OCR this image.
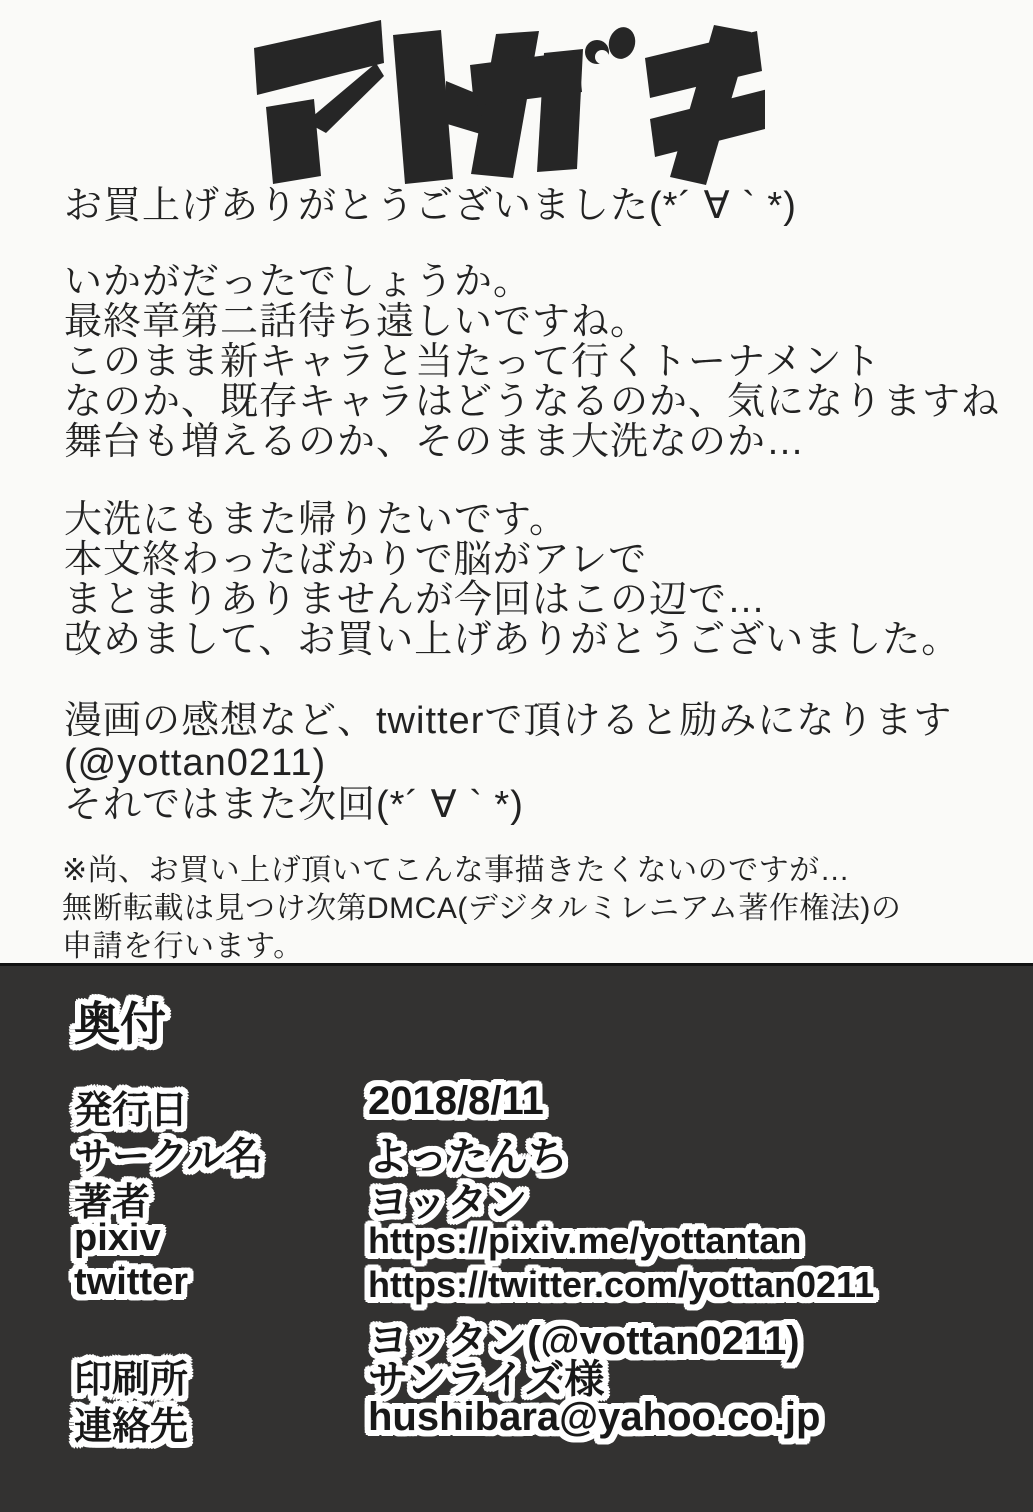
お買上げありがとうございました(*´ ∀ ` *)
いかがだったでしょうか。
最終章第二話待ち遠しいですね。
このまま新キャラと当たって行くトーナメント
なのか、既存キャラはどうなるのか、気になりますね
舞台も増えるのか、そのまま大洗なのか…
大洗にもまた帰りたいです。
本文終わったばかりで脳がアレで
まとまりありませんが今回はこの辺で…
改めまして、お買い上げありがとうございました。
漫画の感想など、twitterで頂けると励みになります
(@yottan0211)
それではまた次回(*´ ∀ ` *)
※尚、お買い上げ頂いてこんな事描きたくないのですが…
無断転載は見つけ次第DMCA(デジタルミレニアム著作権法)の
申請を行います。
奥付
発行日	2018/8/11
サークル名	よったんち
著者	ヨッタン
pixiv	https://pixiv.me/yottantan
twitter	https://twitter.com/yottan0211
ヨッタン(@yottan0211)
印刷所	サンライズ様
連絡先	hushibara@yahoo.co.jp
